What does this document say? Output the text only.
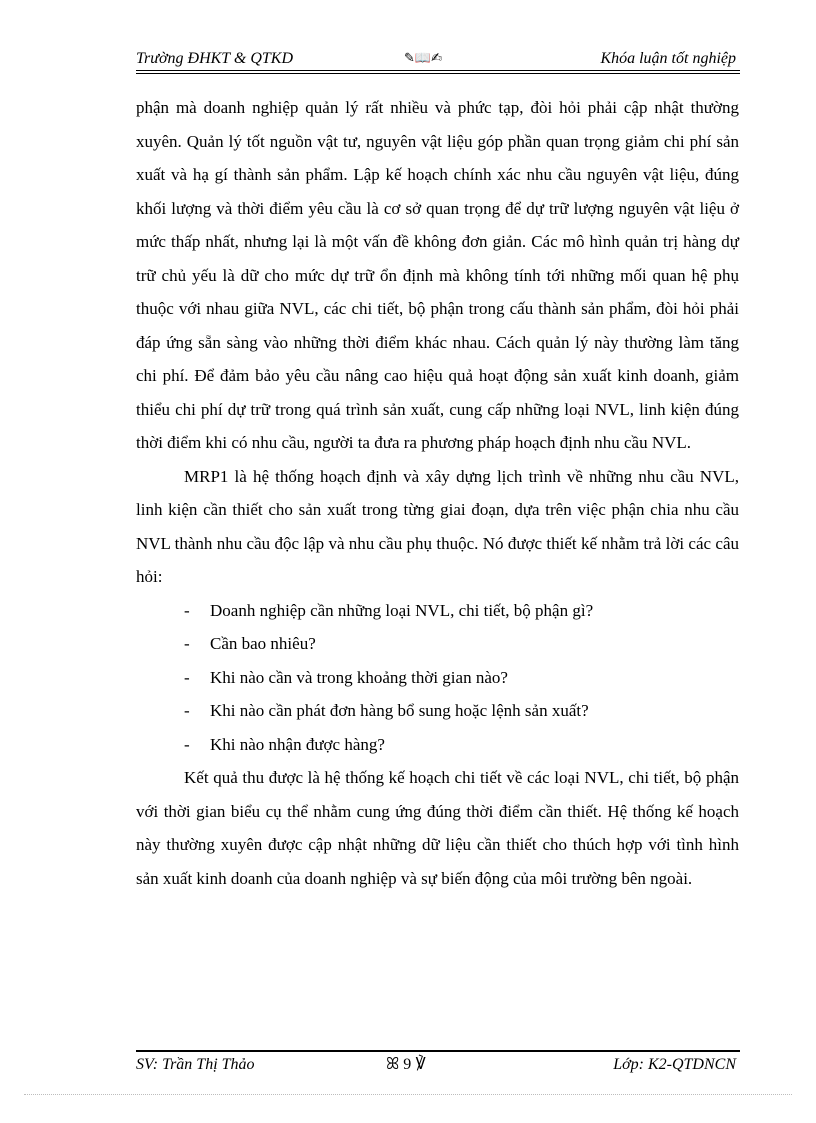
Trường ĐHKT & QTKD	✎📖✍	Khóa luận tốt nghiệp

phận mà doanh nghiệp quản lý rất nhiều và phức tạp, đòi hỏi phải cập nhật thường xuyên. Quản lý tốt nguồn vật tư, nguyên vật liệu góp phần quan trọng giảm chi phí sản xuất và hạ gí thành sản phẩm. Lập kế hoạch chính xác nhu cầu nguyên vật liệu, đúng khối lượng và thời điểm yêu cầu là cơ sở quan trọng để dự trữ lượng nguyên vật liệu ở mức thấp nhất, nhưng lại là một vấn đề không đơn giản. Các mô hình quản trị hàng dự trữ chủ yếu là dữ cho mức dự trữ ổn định mà không tính tới những mối quan hệ phụ thuộc với nhau giữa NVL, các chi tiết, bộ phận trong cấu thành sản phẩm, đòi hỏi phải đáp ứng sẵn sàng vào những thời điểm khác nhau. Cách quản lý này thường làm tăng chi phí. Để đảm bảo yêu cầu nâng cao hiệu quả hoạt động sản xuất kinh doanh, giảm thiểu chi phí dự trữ trong quá trình sản xuất, cung cấp những loại NVL, linh kiện đúng thời điểm khi có nhu cầu, người ta đưa ra phương pháp hoạch định nhu cầu NVL.

MRP1 là hệ thống hoạch định và xây dựng lịch trình về những nhu cầu NVL, linh kiện cần thiết cho sản xuất trong từng giai đoạn, dựa trên việc phận chia nhu cầu NVL thành nhu cầu độc lập và nhu cầu phụ thuộc. Nó được thiết kế nhằm trả lời các câu hỏi:

- Doanh nghiệp cần những loại NVL, chi tiết, bộ phận gì?
- Cần bao nhiêu?
- Khi nào cần và trong khoảng thời gian nào?
- Khi nào cần phát đơn hàng bổ sung hoặc lệnh sản xuất?
- Khi nào nhận được hàng?

Kết quả thu được là hệ thống kế hoạch chi tiết về các loại NVL, chi tiết, bộ phận với thời gian biểu cụ thể nhằm cung ứng đúng thời điểm cần thiết. Hệ thống kế hoạch này thường xuyên được cập nhật những dữ liệu cần thiết cho thúch hợp với tình hình sản xuất kinh doanh của doanh nghiệp và sự biến động của môi trường bên ngoài.

SV: Trần Thị Thảo	ꕤ 9 ℣	Lớp: K2-QTDNCN
